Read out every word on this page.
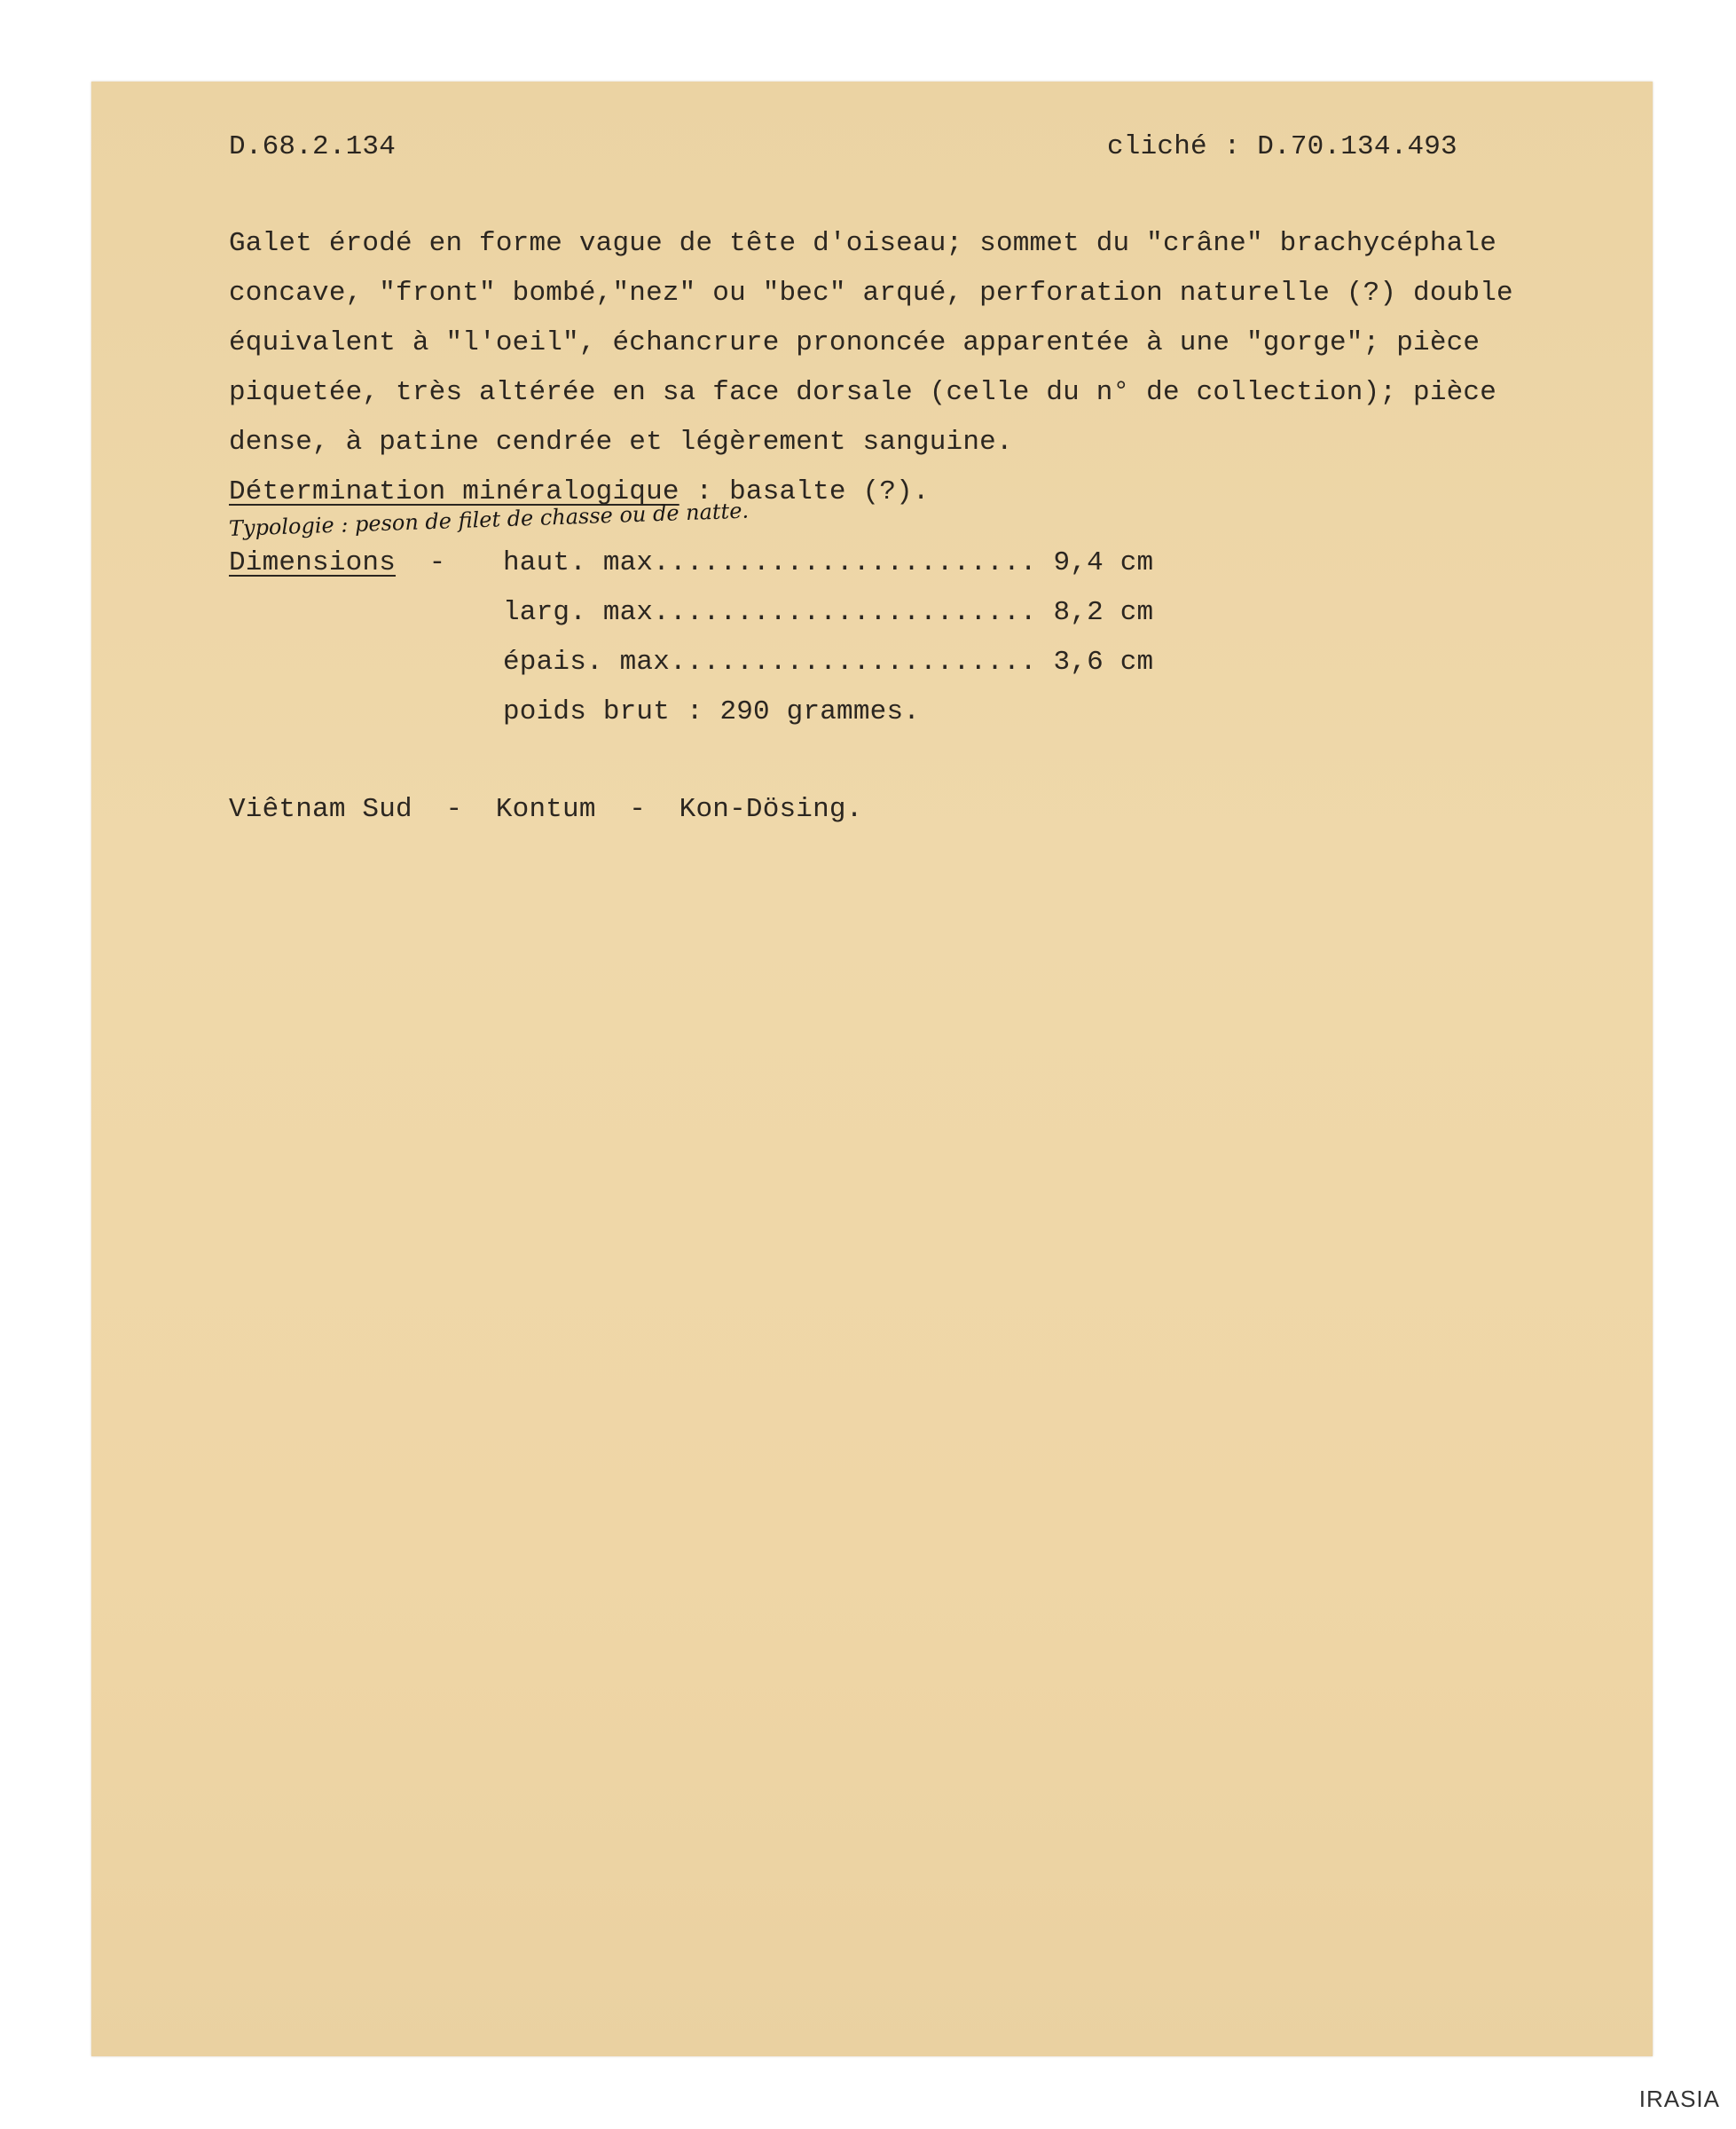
D.68.2.134	cliché : D.70.134.493
Galet érodé en forme vague de tête d'oiseau; sommet du "crâne" brachycéphale
concave, "front" bombé,"nez" ou "bec" arqué, perforation naturelle (?) double
équivalent à "l'oeil", échancrure prononcée apparentée à une "gorge"; pièce
piquetée, très altérée en sa face dorsale (celle du n° de collection); pièce
dense, à patine cendrée et légèrement sanguine.
Détermination minéralogique : basalte (?).
Typologie : peson de filet de chasse ou de natte.
Dimensions  - haut. max....................... 9,4 cm
larg. max....................... 8,2 cm
épais. max...................... 3,6 cm
poids brut : 290 grammes.
Viêtnam Sud  -  Kontum  -  Kon-Dösing.
IRASIA
